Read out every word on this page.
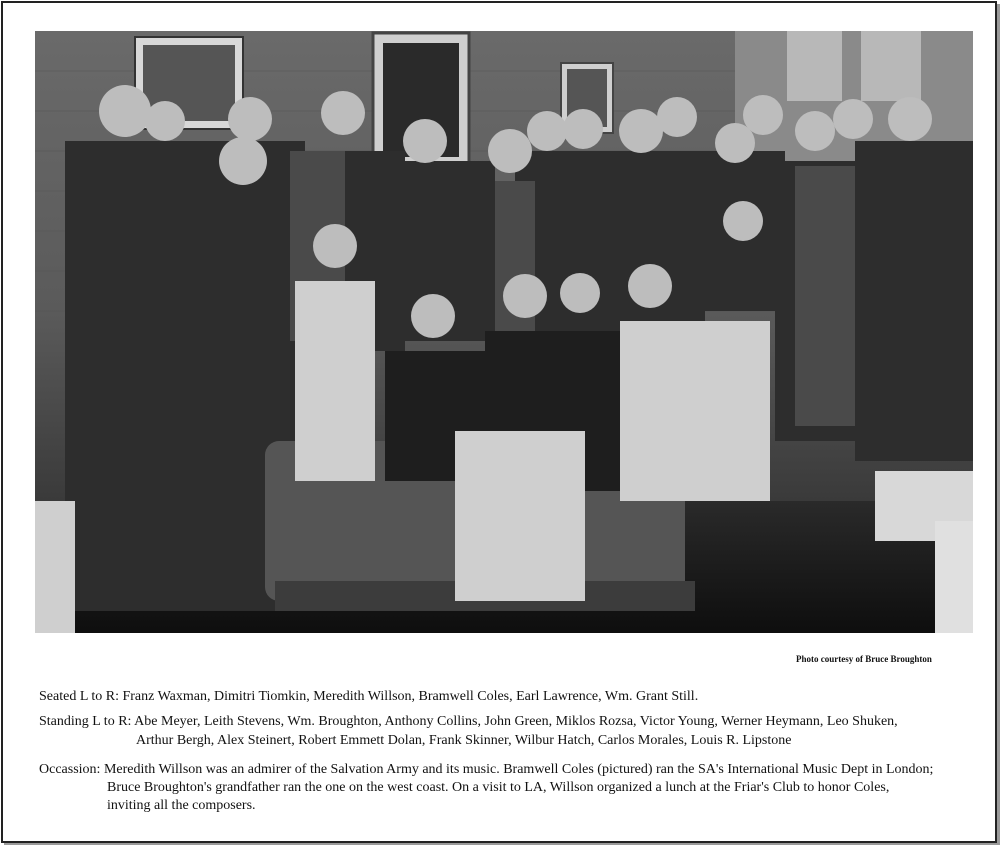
Photo courtesy of Bruce Broughton
Seated L to R: Franz Waxman, Dimitri Tiomkin, Meredith Willson, Bramwell Coles, Earl Lawrence, Wm. Grant Still.
Standing L to R: Abe Meyer, Leith Stevens, Wm. Broughton, Anthony Collins, John Green, Miklos Rozsa, Victor Young, Werner Heymann, Leo Shuken,
Arthur Bergh, Alex Steinert, Robert Emmett Dolan, Frank Skinner, Wilbur Hatch, Carlos Morales, Louis R. Lipstone
Occassion: Meredith Willson was an admirer of the Salvation Army and its music. Bramwell Coles (pictured) ran the SA's International Music Dept in London;
Bruce Broughton's grandfather ran the one on the west coast. On a visit to LA, Willson organized a lunch at the Friar's Club to honor Coles,
inviting all the composers.
